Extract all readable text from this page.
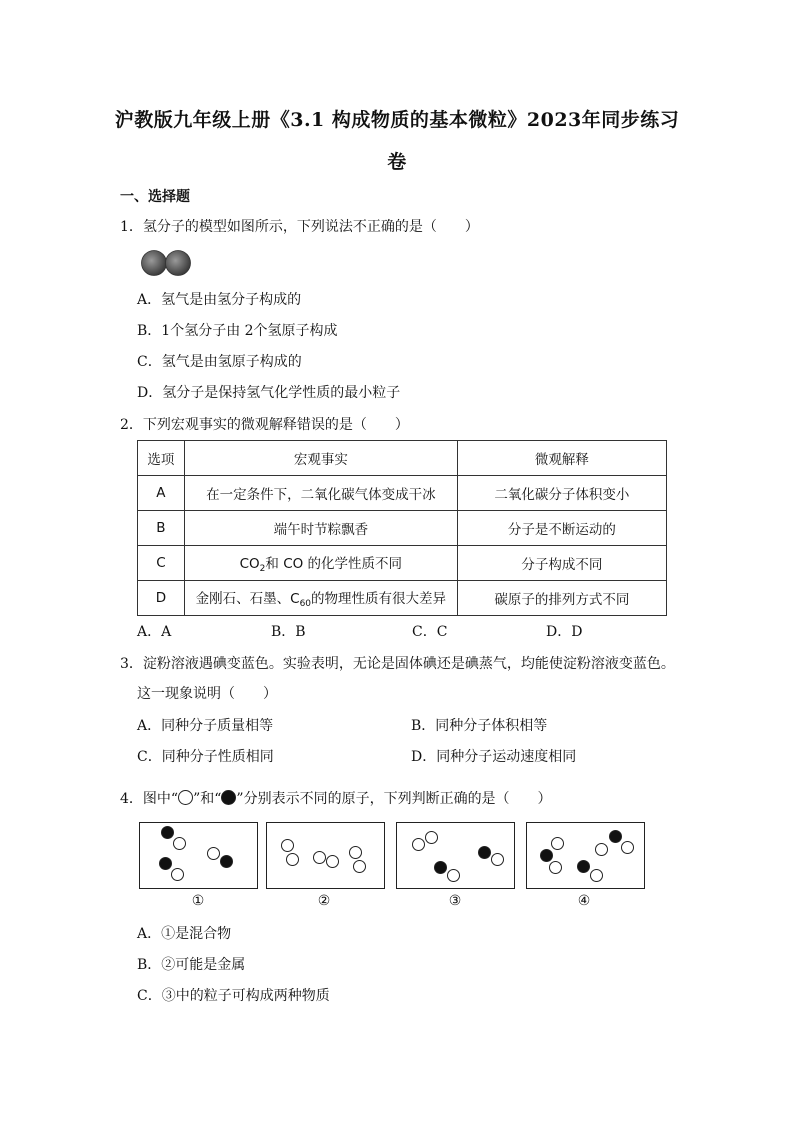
沪教版九年级上册《3.1 构成物质的基本微粒》2023年同步练习
卷
一、选择题
1．氢分子的模型如图所示，下列说法不正确的是（　　）
A．氢气是由氢分子构成的
B．1个氢分子由 2个氢原子构成
C．氢气是由氢原子构成的
D．氢分子是保持氢气化学性质的最小粒子
2．下列宏观事实的微观解释错误的是（　　）
选项	宏观事实	微观解释
A	在一定条件下，二氧化碳气体变成干冰	二氧化碳分子体积变小
B	端午时节粽飘香	分子是不断运动的
C	$CO_2$和 CO 的化学性质不同	分子构成不同
D	金刚石、石墨、$C_{60}$的物理性质有很大差异	碳原子的排列方式不同
A．A	B．B	C．C	D．D
3．淀粉溶液遇碘变蓝色。实验表明，无论是固体碘还是碘蒸气，均能使淀粉溶液变蓝色。
这一现象说明（　　）
A．同种分子质量相等	B．同种分子体积相等
C．同种分子性质相同	D．同种分子运动速度相同
4．图中“ ”和“ ”分别表示不同的原子，下列判断正确的是（　　）
①	②	③	④
A．①是混合物
B．②可能是金属
C．③中的粒子可构成两种物质
